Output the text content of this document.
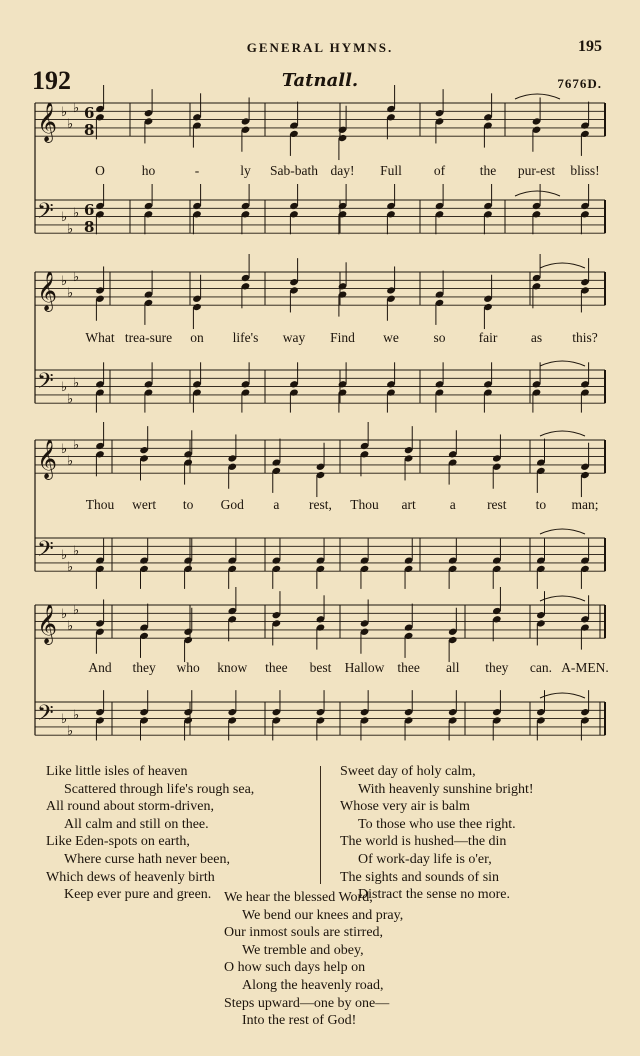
GENERAL HYMNS.	195
192	Tatnall.	7676D.
𝄞 ♭
♭
♭ 6
8
𝄢 ♭
♭
♭ 6
8
𝄞 ♭
♭
♭
𝄢 ♭
♭
♭
𝄞 ♭
♭
♭
𝄢 ♭
♭
♭
𝄞 ♭
♭
♭
𝄢 ♭
♭
♭
O	ho	-	ly Sab-bath day! Full of	the pur-est bliss!
What trea-sure on life's way Find we	so fair as this?
Thou wert to God a rest, Thou art	a rest to man;
And they who know thee best Hallow thee all they can. A-MEN.
Like little isles of heaven
Scattered through life's rough sea,
All round about storm-driven,
All calm and still on thee.
Like Eden-spots on earth,
Where curse hath never been,
Which dews of heavenly birth
Keep ever pure and green.
Sweet day of holy calm,
With heavenly sunshine bright!
Whose very air is balm
To those who use thee right.
The world is hushed—the din
Of work-day life is o'er,
The sights and sounds of sin
Distract the sense no more.
We hear the blessed Word,
We bend our knees and pray,
Our inmost souls are stirred,
We tremble and obey,
O how such days help on
Along the heavenly road,
Steps upward—one by one—
Into the rest of God!
